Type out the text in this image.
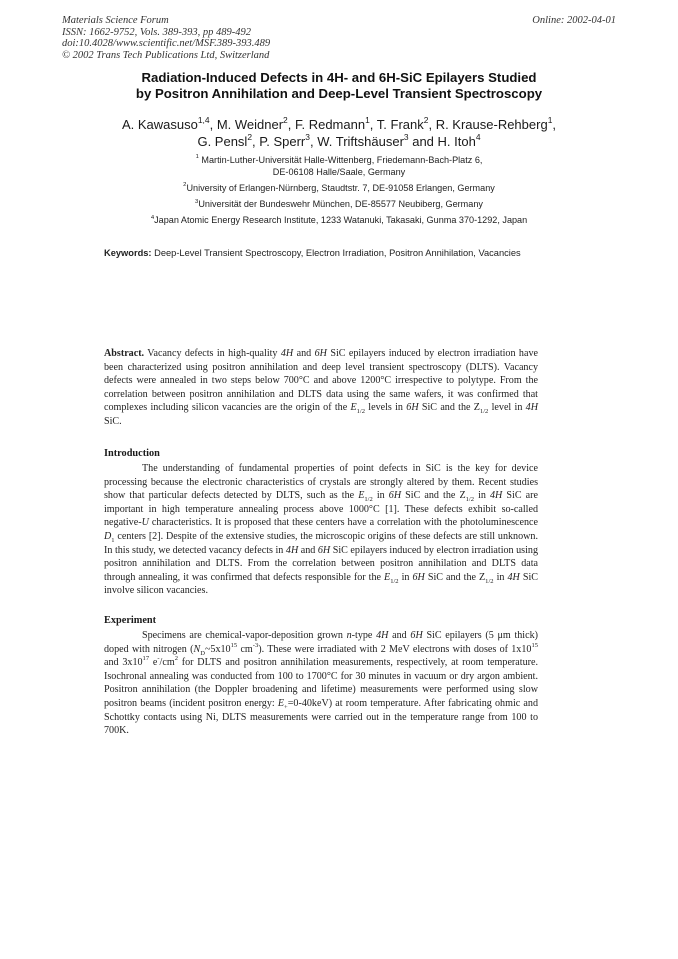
Materials Science Forum
ISSN: 1662-9752, Vols. 389-393, pp 489-492
doi:10.4028/www.scientific.net/MSF.389-393.489
© 2002 Trans Tech Publications Ltd, Switzerland
Online: 2002-04-01
Radiation-Induced Defects in 4H- and 6H-SiC Epilayers Studied
by Positron Annihilation and Deep-Level Transient Spectroscopy
A. Kawasuso$^{1,4}$, M. Weidner$^2$, F. Redmann$^1$, T. Frank$^2$, R. Krause-Rehberg$^1$,
G. Pensl$^2$, P. Sperr$^3$, W. Triftshäuser$^3$ and H. Itoh$^4$
$^1$ Martin-Luther-Universität Halle-Wittenberg, Friedemann-Bach-Platz 6,
DE-06108 Halle/Saale, Germany
$^2$University of Erlangen-Nürnberg, Staudtstr. 7, DE-91058 Erlangen, Germany
$^3$Universität der Bundeswehr München, DE-85577 Neubiberg, Germany
$^4$Japan Atomic Energy Research Institute, 1233 Watanuki, Takasaki, Gunma 370-1292, Japan
Keywords: Deep-Level Transient Spectroscopy, Electron Irradiation, Positron Annihilation, Vacancies

Abstract. Vacancy defects in high-quality 4H and 6H SiC epilayers induced by electron irradiation have been characterized using positron annihilation and deep level transient spectroscopy (DLTS). Vacancy defects were annealed in two steps below 700°C and above 1200°C irrespective to polytype. From the correlation between positron annihilation and DLTS data using the same wafers, it was confirmed that complexes including silicon vacancies are the origin of the $E_{1/2}$ levels in 6H SiC and the $Z_{1/2}$ level in 4H SiC.

Introduction

The understanding of fundamental properties of point defects in SiC is the key for device processing because the electronic characteristics of crystals are strongly altered by them. Recent studies show that particular defects detected by DLTS, such as the $E_{1/2}$ in 6H SiC and the $Z_{1/2}$ in 4H SiC are important in high temperature annealing process above 1000°C [1]. These defects exhibit so-called negative-U characteristics. It is proposed that these centers have a correlation with the photoluminescence $D_1$ centers [2]. Despite of the extensive studies, the microscopic origins of these defects are still unknown. In this study, we detected vacancy defects in 4H and 6H SiC epilayers induced by electron irradiation using positron annihilation and DLTS. From the correlation between positron annihilation and DLTS data through annealing, it was confirmed that defects responsible for the $E_{1/2}$ in 6H SiC and the $Z_{1/2}$ in 4H SiC involve silicon vacancies.

Experiment

Specimens are chemical-vapor-deposition grown n-type 4H and 6H SiC epilayers (5 μm thick) doped with nitrogen ($N_D\sim 5x10^{15}$ $cm^{-3}$). These were irradiated with 2 MeV electrons with doses of $1x10^{15}$ and $3x10^{17}$ $e^-/cm^2$ for DLTS and positron annihilation measurements, respectively, at room temperature. Isochronal annealing was conducted from 100 to 1700°C for 30 minutes in vacuum or dry argon ambient. Positron annihilation (the Doppler broadening and lifetime) measurements were performed using slow positron beams (incident positron energy: $E_+=0-40keV$) at room temperature. After fabricating ohmic and Schottky contacts using Ni, DLTS measurements were carried out in the temperature range from 100 to 700K.
